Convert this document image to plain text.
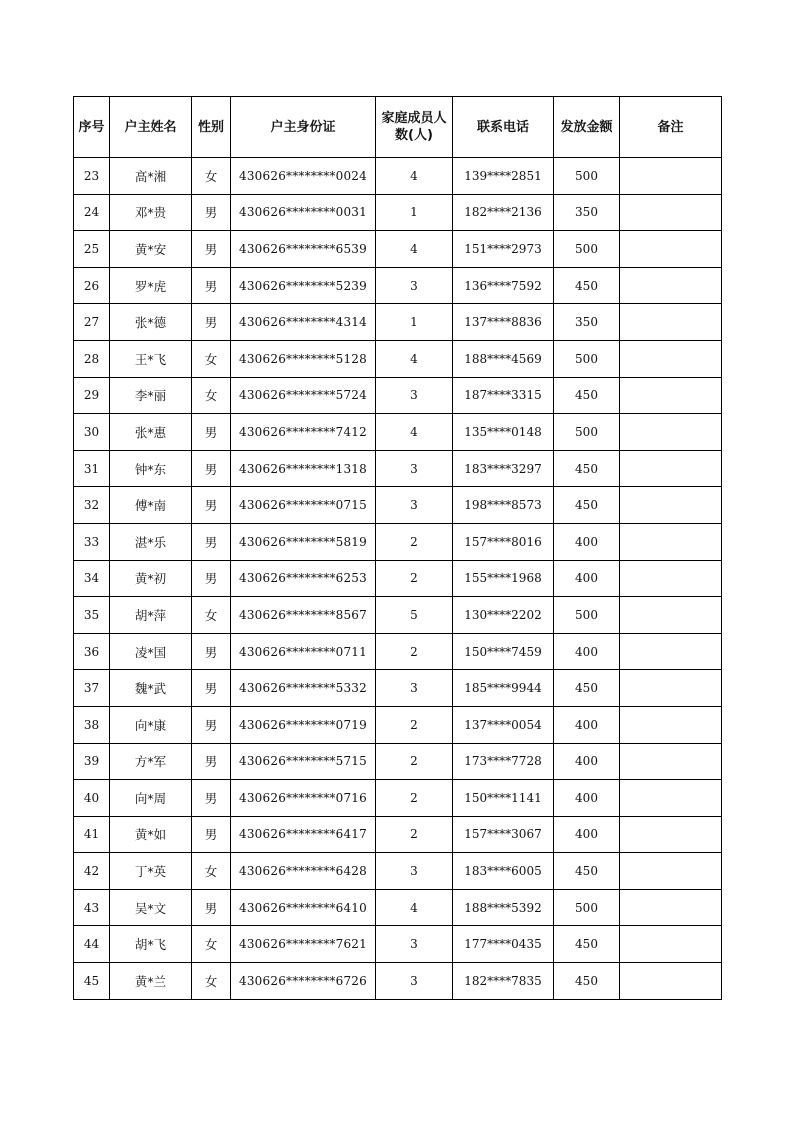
序号	户主姓名	性别	户主身份证	家庭成员人数(人)	联系电话	发放金额	备注
23	高*湘	女	430626********0024	4	139****2851	500	
24	邓*贵	男	430626********0031	1	182****2136	350	
25	黄*安	男	430626********6539	4	151****2973	500	
26	罗*虎	男	430626********5239	3	136****7592	450	
27	张*德	男	430626********4314	1	137****8836	350	
28	王*飞	女	430626********5128	4	188****4569	500	
29	李*丽	女	430626********5724	3	187****3315	450	
30	张*惠	男	430626********7412	4	135****0148	500	
31	钟*东	男	430626********1318	3	183****3297	450	
32	傅*南	男	430626********0715	3	198****8573	450	
33	湛*乐	男	430626********5819	2	157****8016	400	
34	黄*初	男	430626********6253	2	155****1968	400	
35	胡*萍	女	430626********8567	5	130****2202	500	
36	凌*国	男	430626********0711	2	150****7459	400	
37	魏*武	男	430626********5332	3	185****9944	450	
38	向*康	男	430626********0719	2	137****0054	400	
39	方*军	男	430626********5715	2	173****7728	400	
40	向*周	男	430626********0716	2	150****1141	400	
41	黄*如	男	430626********6417	2	157****3067	400	
42	丁*英	女	430626********6428	3	183****6005	450	
43	吴*文	男	430626********6410	4	188****5392	500	
44	胡*飞	女	430626********7621	3	177****0435	450	
45	黄*兰	女	430626********6726	3	182****7835	450	
